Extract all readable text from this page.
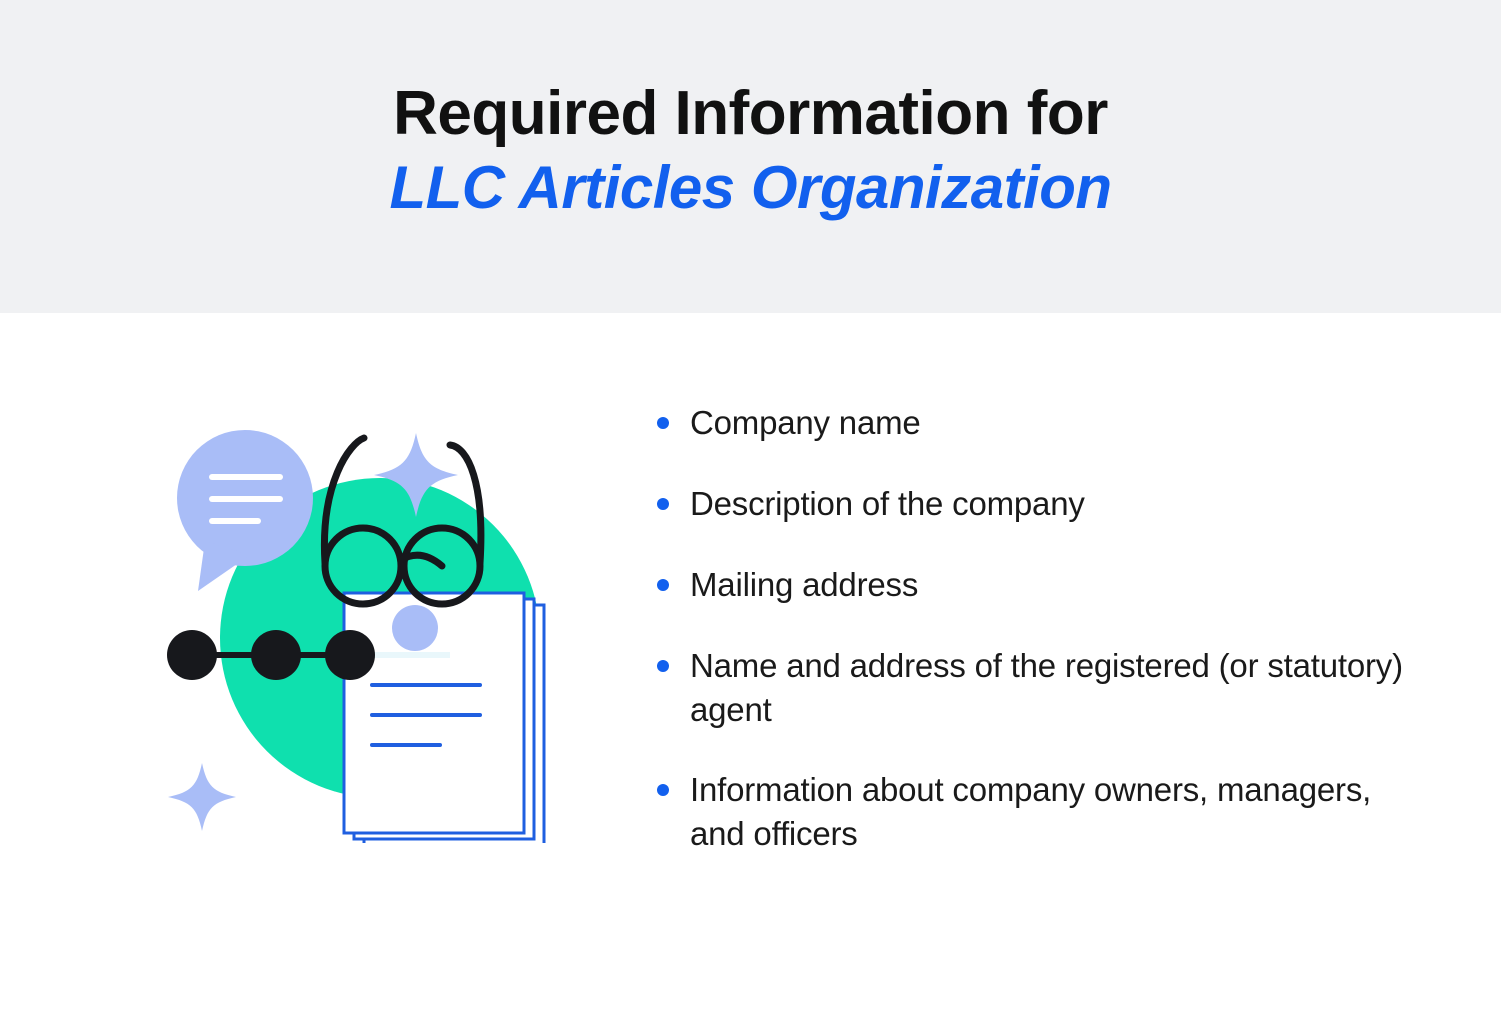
Required Information for
LLC Articles Organization
Company name
Description of the company
Mailing address
Name and address of the registered (or statutory) agent
Information about company owners, managers, and officers
